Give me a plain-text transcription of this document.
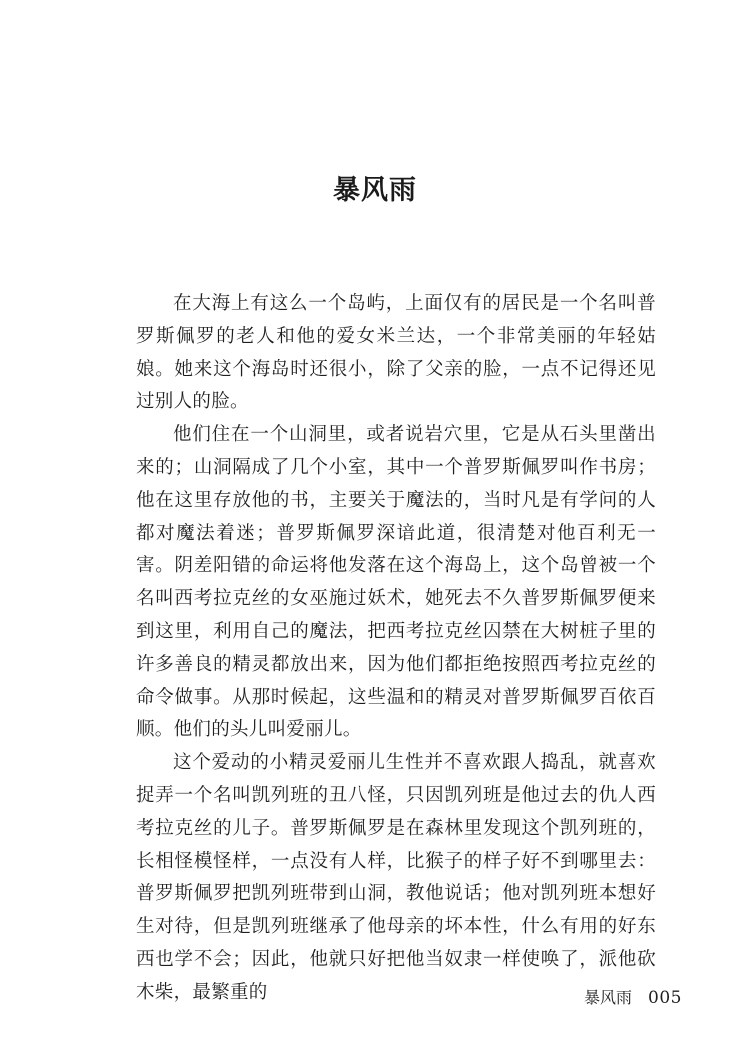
暴风雨

在大海上有这么一个岛屿，上面仅有的居民是一个名叫普罗斯佩罗的老人和他的爱女米兰达，一个非常美丽的年轻姑娘。她来这个海岛时还很小，除了父亲的脸，一点不记得还见过别人的脸。

他们住在一个山洞里，或者说岩穴里，它是从石头里凿出来的；山洞隔成了几个小室，其中一个普罗斯佩罗叫作书房；他在这里存放他的书，主要关于魔法的，当时凡是有学问的人都对魔法着迷；普罗斯佩罗深谙此道，很清楚对他百利无一害。阴差阳错的命运将他发落在这个海岛上，这个岛曾被一个名叫西考拉克丝的女巫施过妖术，她死去不久普罗斯佩罗便来到这里，利用自己的魔法，把西考拉克丝囚禁在大树桩子里的许多善良的精灵都放出来，因为他们都拒绝按照西考拉克丝的命令做事。从那时候起，这些温和的精灵对普罗斯佩罗百依百顺。他们的头儿叫爱丽儿。

这个爱动的小精灵爱丽儿生性并不喜欢跟人捣乱，就喜欢捉弄一个名叫凯列班的丑八怪，只因凯列班是他过去的仇人西考拉克丝的儿子。普罗斯佩罗是在森林里发现这个凯列班的，长相怪模怪样，一点没有人样，比猴子的样子好不到哪里去：普罗斯佩罗把凯列班带到山洞，教他说话；他对凯列班本想好生对待，但是凯列班继承了他母亲的坏本性，什么有用的好东西也学不会；因此，他就只好把他当奴隶一样使唤了，派他砍木柴，最繁重的	暴风雨 005
